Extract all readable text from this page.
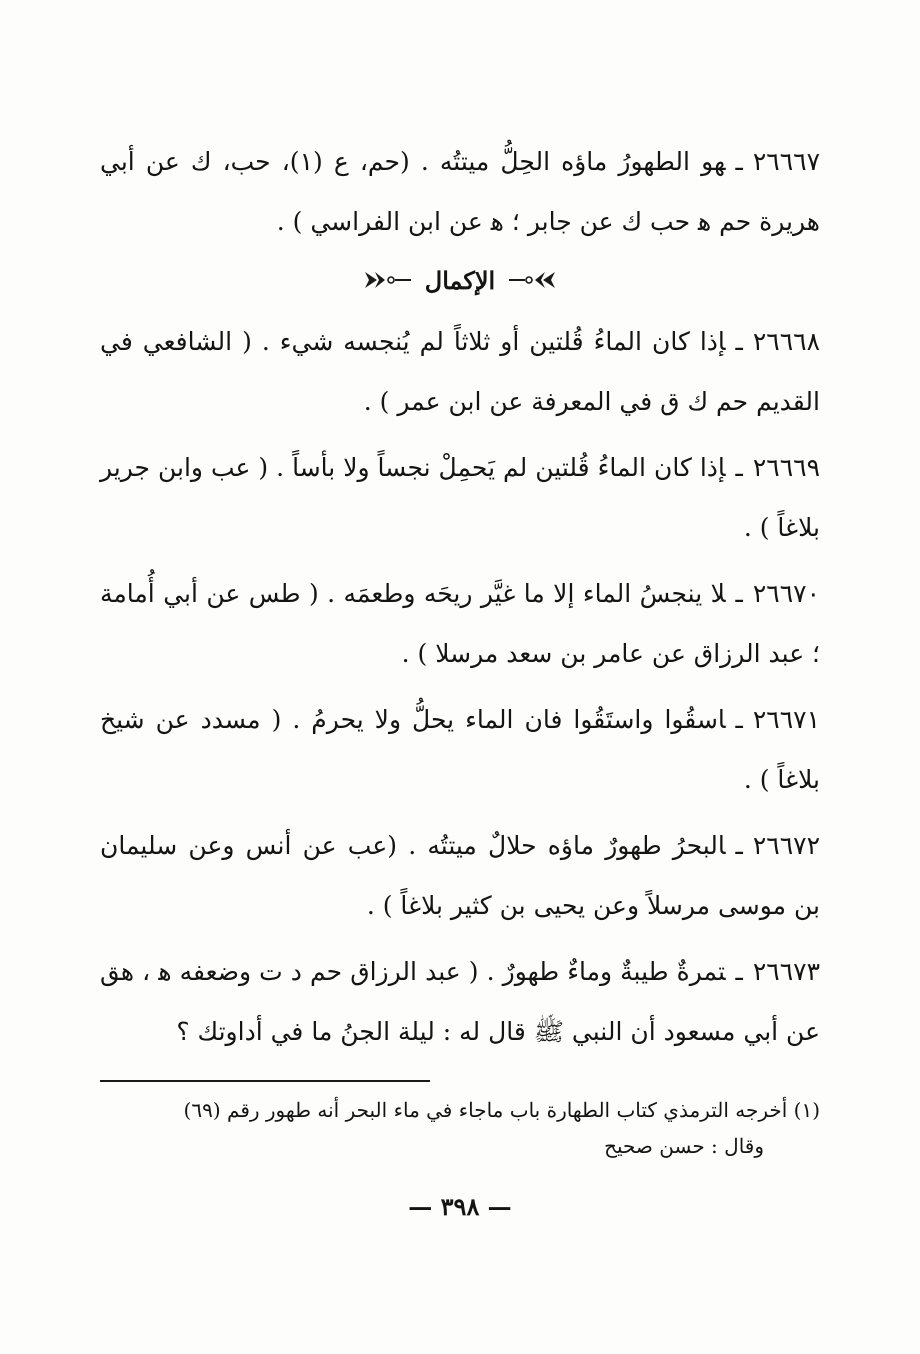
٢٦٦٦٧ـهو الطهورُ ماؤه الحِلُّ ميتتُه . (حم، ع (١)، حب، ك عن أبي هريرة حم ﻫ حب ك عن جابر ؛ ﻫ عن ابن الفراسي ) .

الإكمال

٢٦٦٦٨ـإذا كان الماءُ قُلتين أو ثلاثاً لم يُنجسه شيء . ( الشافعي في القديم حم ك ق في المعرفة عن ابن عمر ) .

٢٦٦٦٩ـإذا كان الماءُ قُلتين لم يَحمِلْ نجساً ولا بأساً . ( عب وابن جرير بلاغاً ) .

٢٦٦٧٠ـلا ينجسُ الماء إلا ما غيَّر ريحَه وطعمَه . ( طس عن أبي أُمامة ؛ عبد الرزاق عن عامر بن سعد مرسلا ) .

٢٦٦٧١ـاسقُوا واستَقُوا فان الماء يحلُّ ولا يحرمُ . ( مسدد عن شيخ بلاغاً ) .

٢٦٦٧٢ـالبحرُ طهورٌ ماؤه حلالٌ ميتتُه . (عب عن أنس وعن سليمان بن موسى مرسلاً وعن يحيى بن كثير بلاغاً ) .

٢٦٦٧٣ـتمرةٌ طيبةٌ وماءٌ طهورٌ . ( عبد الرزاق حم د ت وضعفه ﻫ ، هق عن أبي مسعود أن النبي ﷺ قال له : ليلة الجنُ ما في أداوتك ؟

(١) أخرجه الترمذي كتاب الطهارة باب ماجاء في ماء البحر أنه طهور رقم (٦٩)
وقال : حسن صحيح
— ٣٩٨ —
